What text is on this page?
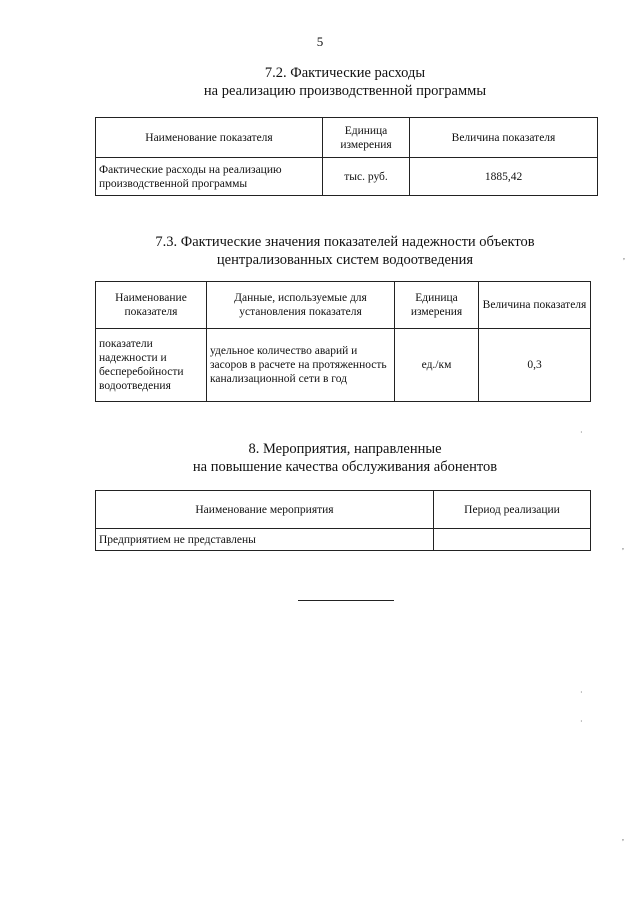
5
7.2. Фактические расходы
на реализацию производственной программы
Наименование показателя	Единица измерения	Величина показателя
Фактические расходы на реализацию производственной программы	тыс. руб.	1885,42
7.3. Фактические значения показателей надежности объектов
централизованных систем водоотведения
Наименование показателя	Данные, используемые для установления показателя	Единица измерения	Величина показателя
показатели надежности и бесперебойности водоотведения	удельное количество аварий и засоров в расчете на протяженность канализационной сети в год	ед./км	0,3
8. Мероприятия, направленные
на повышение качества обслуживания абонентов
Наименование мероприятия	Период реализации
Предприятием не представлены	
,
·
,
·
·
,
